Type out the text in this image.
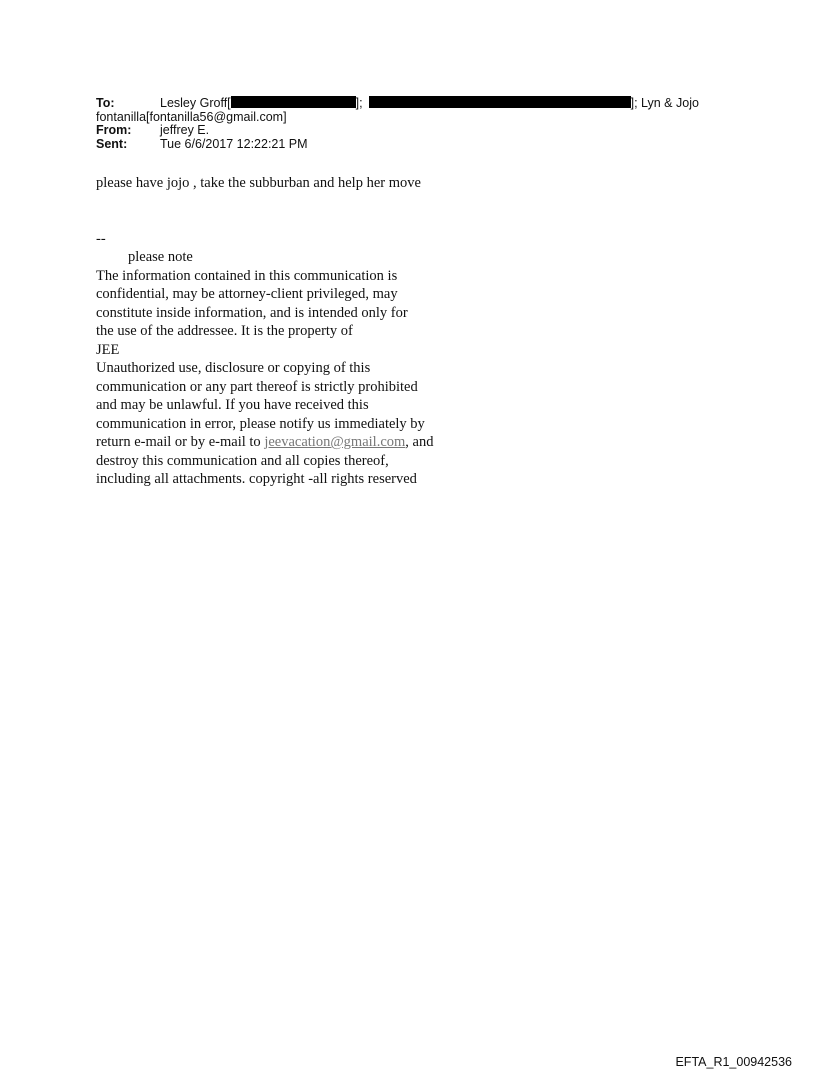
To:	Lesley Groff[	];	]; Lyn & Jojo
fontanilla[fontanilla56@gmail.com]
From: jeffrey E.
Sent:	Tue 6/6/2017 12:22:21 PM
please have jojo , take the subburban and help her move
--
please note
The information contained in this communication is
confidential, may be attorney-client privileged, may
constitute inside information, and is intended only for
the use of the addressee. It is the property of
JEE
Unauthorized use, disclosure or copying of this
communication or any part thereof is strictly prohibited
and may be unlawful. If you have received this
communication in error, please notify us immediately by
return e-mail or by e-mail to jeevacation@gmail.com, and
destroy this communication and all copies thereof,
including all attachments. copyright -all rights reserved
EFTA_R1_00942536
